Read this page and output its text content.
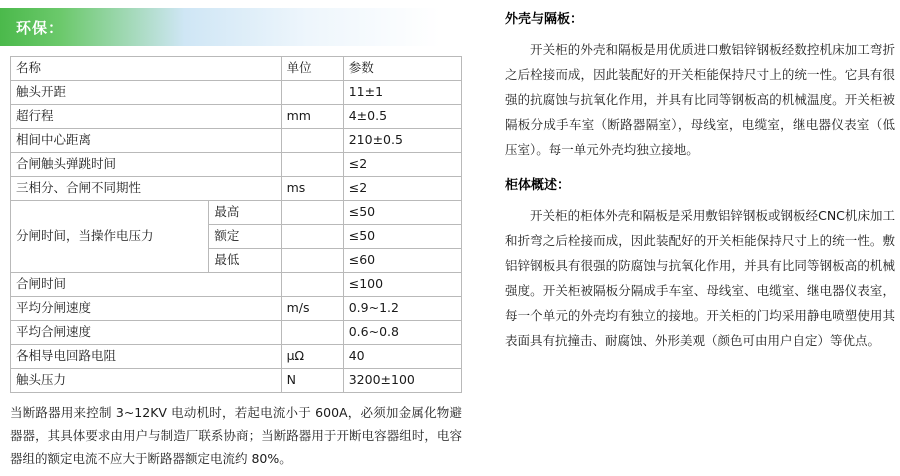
环保：
名称		单位	参数
触头开距			11±1
超行程		mm	4±0.5
相间中心距离			210±0.5
合闸触头弹跳时间			≤2
三相分、合闸不同期性		ms	≤2
分闸时间，当操作电压力	最高		≤50
	额定		≤50
	最低		≤60
合闸时间			≤100
平均分闸速度		m/s	0.9~1.2
平均合闸速度			0.6~0.8
各相导电回路电阻		μΩ	40
触头压力		N	3200±100
当断路器用来控制 3~12KV 电动机时，若起电流小于 600A，必须加金属化物避器器，其具体要求由用户与制造厂联系协商；当断路器用于开断电容器组时，电容器组的额定电流不应大于断路器额定电流约 80%。
外壳与隔板：

开关柜的外壳和隔板是用优质进口敷铝锌钢板经数控机床加工弯折之后栓接而成，因此装配好的开关柜能保持尺寸上的统一性。它具有很强的抗腐蚀与抗氧化作用，并具有比同等钢板高的机械温度。开关柜被隔板分成手车室（断路器隔室），母线室，电缆室，继电器仪表室（低压室）。每一单元外壳均独立接地。

柜体概述：

开关柜的柜体外壳和隔板是采用敷铝锌钢板或钢板经CNC机床加工和折弯之后栓接而成，因此装配好的开关柜能保持尺寸上的统一性。敷铝锌钢板具有很强的防腐蚀与抗氧化作用，并具有比同等钢板高的机械强度。开关柜被隔板分隔成手车室、母线室、电缆室、继电器仪表室，每一个单元的外壳均有独立的接地。开关柜的门均采用静电喷塑使用其表面具有抗撞击、耐腐蚀、外形美观（颜色可由用户自定）等优点。
